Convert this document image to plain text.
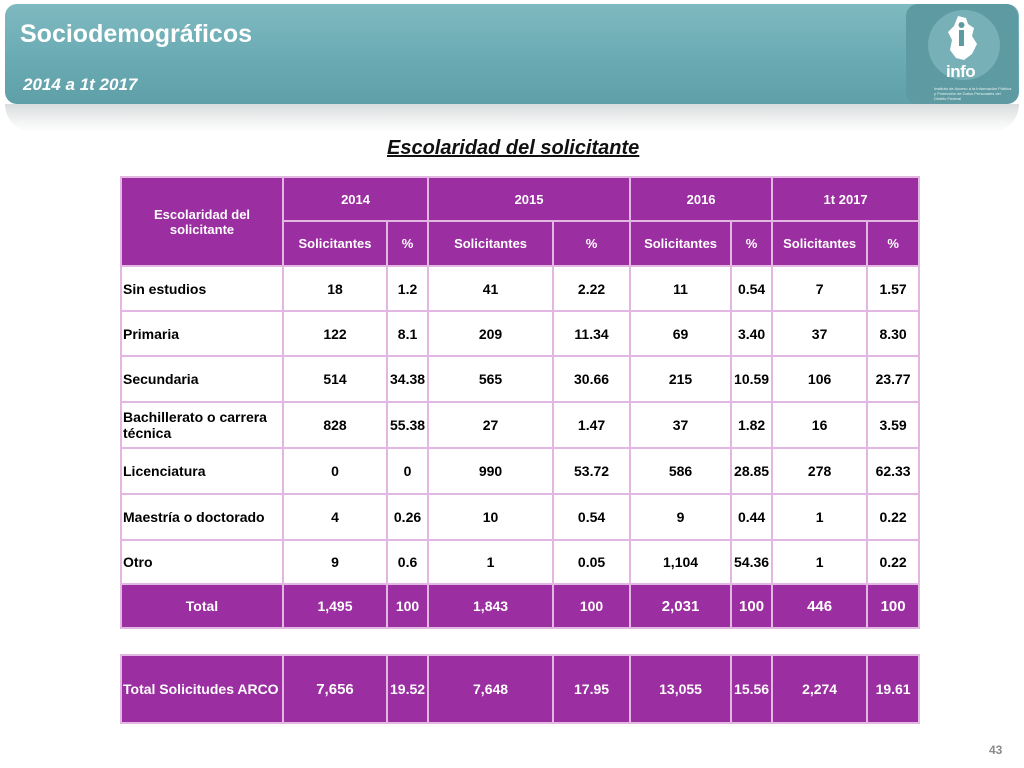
Sociodemográficos
2014 a 1t 2017
info
Instituto de Acceso a la Información Pública y Protección de Datos Personales del Distrito Federal
Escolaridad del solicitante
Escolaridad del solicitante	2014		2015		2016		1t 2017	
	Solicitantes	%	Solicitantes	%	Solicitantes	%	Solicitantes	%
Sin estudios	18	1.2	41	2.22	11	0.54	7	1.57
Primaria	122	8.1	209	11.34	69	3.40	37	8.30
Secundaria	514	34.38	565	30.66	215	10.59	106	23.77
Bachillerato o carrera técnica	828	55.38	27	1.47	37	1.82	16	3.59
Licenciatura	0	0	990	53.72	586	28.85	278	62.33
Maestría o doctorado	4	0.26	10	0.54	9	0.44	1	0.22
Otro	9	0.6	1	0.05	1,104	54.36	1	0.22
Total	1,495	100	1,843	100	2,031	100	446	100
Total Solicitudes ARCO	7,656	19.52	7,648	17.95	13,055	15.56	2,274	19.61
43
